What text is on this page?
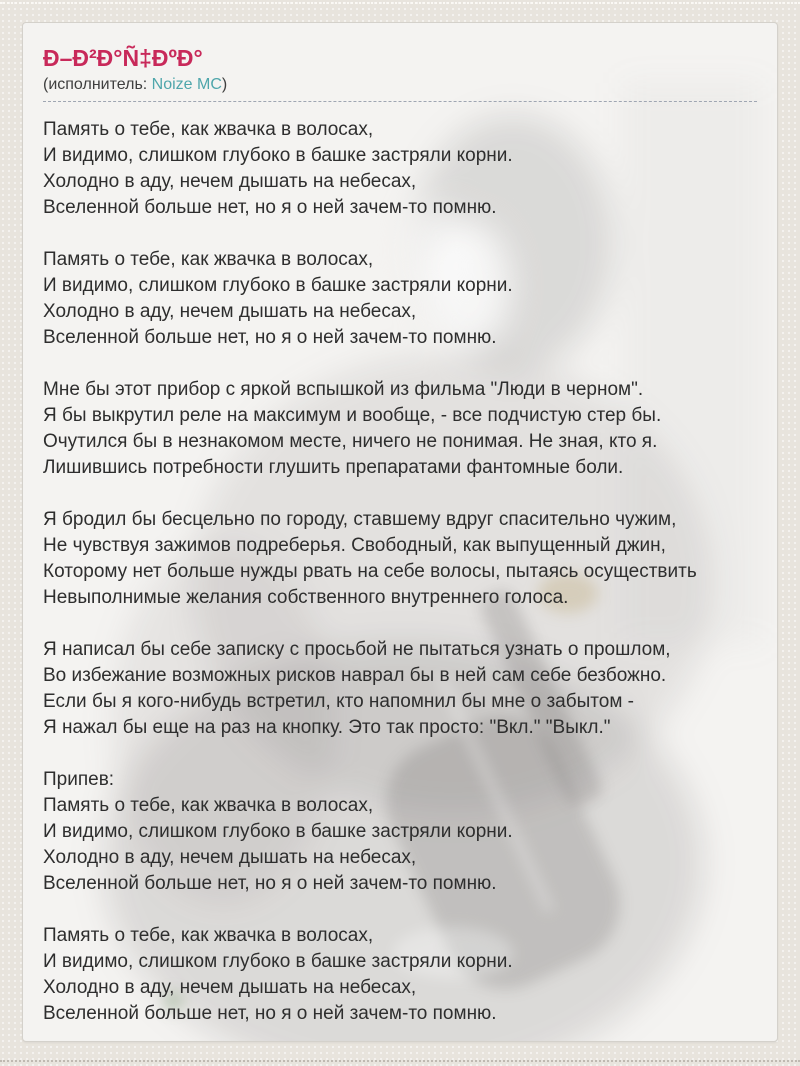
Ð–Ð²Ð°Ñ‡ÐºÐ°
(исполнитель: Noize MC)

Память о тебе, как жвачка в волосах,
И видимо, слишком глубоко в башке застряли корни.
Холодно в аду, нечем дышать на небесах,
Вселенной больше нет, но я о ней зачем-то помню.

Память о тебе, как жвачка в волосах,
И видимо, слишком глубоко в башке застряли корни.
Холодно в аду, нечем дышать на небесах,
Вселенной больше нет, но я о ней зачем-то помню.

Мне бы этот прибор с яркой вспышкой из фильма "Люди в черном".
Я бы выкрутил реле на максимум и вообще, - все подчистую стер бы.
Очутился бы в незнакомом месте, ничего не понимая. Не зная, кто я.
Лишившись потребности глушить препаратами фантомные боли.

Я бродил бы бесцельно по городу, ставшему вдруг спасительно чужим,
Не чувствуя зажимов подреберья. Свободный, как выпущенный джин,
Которому нет больше нужды рвать на себе волосы, пытаясь осуществить
Невыполнимые желания собственного внутреннего голоса.

Я написал бы себе записку с просьбой не пытаться узнать о прошлом,
Во избежание возможных рисков наврал бы в ней сам себе безбожно.
Если бы я кого-нибудь встретил, кто напомнил бы мне о забытом -
Я нажал бы еще на раз на кнопку. Это так просто: "Вкл." "Выкл."

Припев:
Память о тебе, как жвачка в волосах,
И видимо, слишком глубоко в башке застряли корни.
Холодно в аду, нечем дышать на небесах,
Вселенной больше нет, но я о ней зачем-то помню.

Память о тебе, как жвачка в волосах,
И видимо, слишком глубоко в башке застряли корни.
Холодно в аду, нечем дышать на небесах,
Вселенной больше нет, но я о ней зачем-то помню.
